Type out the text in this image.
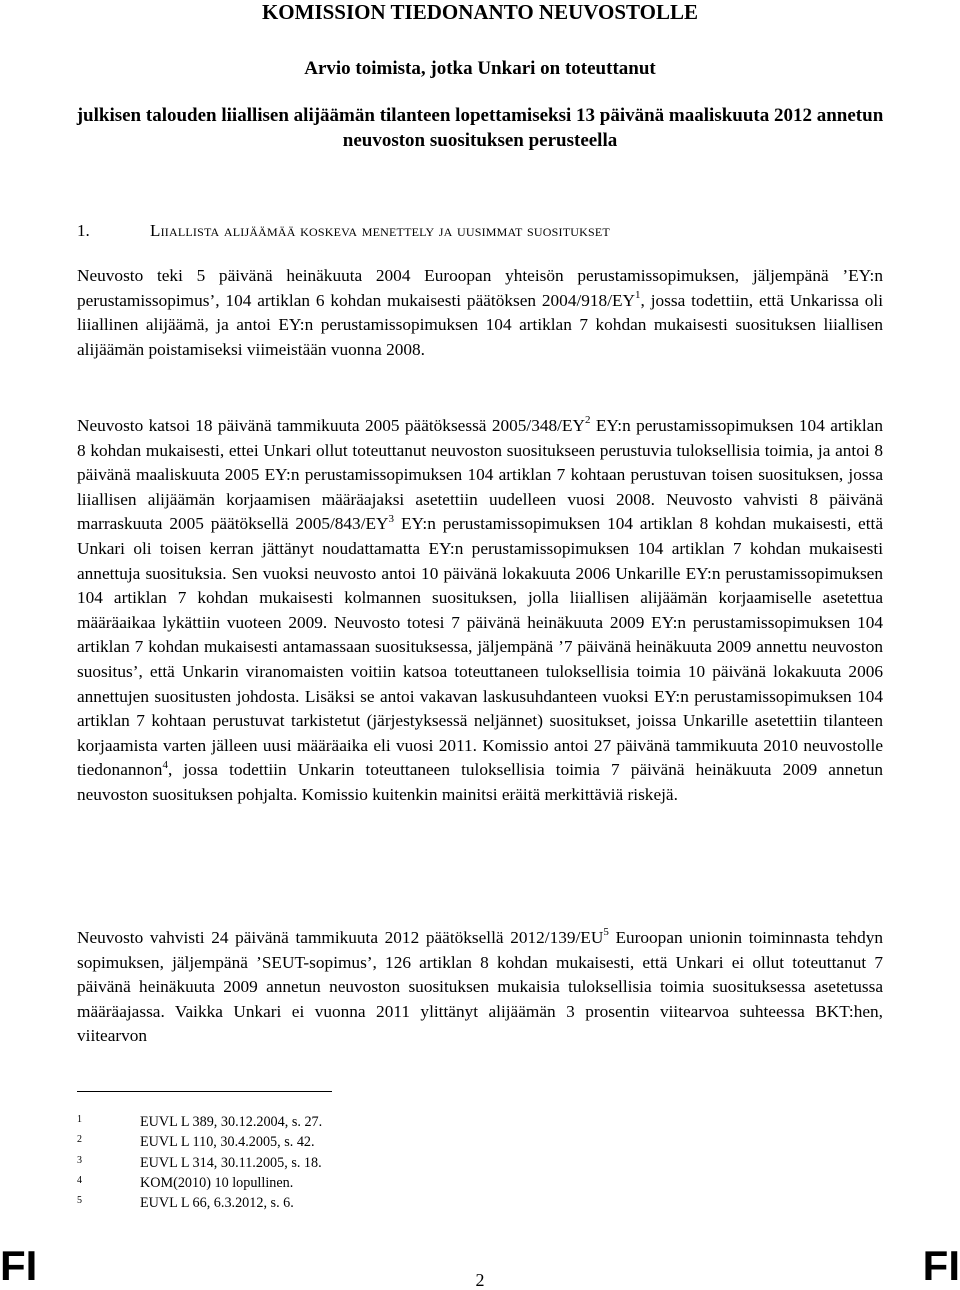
KOMISSION TIEDONANTO NEUVOSTOLLE
Arvio toimista, jotka Unkari on toteuttanut
julkisen talouden liiallisen alijäämän tilanteen lopettamiseksi 13 päivänä maaliskuuta 2012 annetun neuvoston suosituksen perusteella
1.	Liiallista alijäämää koskeva menettely ja uusimmat suositukset
Neuvosto teki 5 päivänä heinäkuuta 2004 Euroopan yhteisön perustamissopimuksen, jäljempänä ’EY:n perustamissopimus’, 104 artiklan 6 kohdan mukaisesti päätöksen $2004/918/EY^1$, jossa todettiin, että Unkarissa oli liiallinen alijäämä, ja antoi EY:n perustamissopimuksen 104 artiklan 7 kohdan mukaisesti suosituksen liiallisen alijäämän poistamiseksi viimeistään vuonna 2008.
Neuvosto katsoi 18 päivänä tammikuuta 2005 päätöksessä $2005/348/EY^2$ EY:n perustamissopimuksen 104 artiklan 8 kohdan mukaisesti, ettei Unkari ollut toteuttanut neuvoston suositukseen perustuvia tuloksellisia toimia, ja antoi 8 päivänä maaliskuuta 2005 EY:n perustamissopimuksen 104 artiklan 7 kohtaan perustuvan toisen suosituksen, jossa liiallisen alijäämän korjaamisen määräajaksi asetettiin uudelleen vuosi 2008. Neuvosto vahvisti 8 päivänä marraskuuta 2005 päätöksellä $2005/843/EY^3$ EY:n perustamissopimuksen 104 artiklan 8 kohdan mukaisesti, että Unkari oli toisen kerran jättänyt noudattamatta EY:n perustamissopimuksen 104 artiklan 7 kohdan mukaisesti annettuja suosituksia. Sen vuoksi neuvosto antoi 10 päivänä lokakuuta 2006 Unkarille EY:n perustamissopimuksen 104 artiklan 7 kohdan mukaisesti kolmannen suosituksen, jolla liiallisen alijäämän korjaamiselle asetettua määräaikaa lykättiin vuoteen 2009. Neuvosto totesi 7 päivänä heinäkuuta 2009 EY:n perustamissopimuksen 104 artiklan 7 kohdan mukaisesti antamassaan suosituksessa, jäljempänä ’7 päivänä heinäkuuta 2009 annettu neuvoston suositus’, että Unkarin viranomaisten voitiin katsoa toteuttaneen tuloksellisia toimia 10 päivänä lokakuuta 2006 annettujen suositusten johdosta. Lisäksi se antoi vakavan laskusuhdanteen vuoksi EY:n perustamissopimuksen 104 artiklan 7 kohtaan perustuvat tarkistetut (järjestyksessä neljännet) suositukset, joissa Unkarille asetettiin tilanteen korjaamista varten jälleen uusi määräaika eli vuosi 2011. Komissio antoi 27 päivänä tammikuuta 2010 neuvostolle tiedonannon$^4$, jossa todettiin Unkarin toteuttaneen tuloksellisia toimia 7 päivänä heinäkuuta 2009 annetun neuvoston suosituksen pohjalta. Komissio kuitenkin mainitsi eräitä merkittäviä riskejä.
Neuvosto vahvisti 24 päivänä tammikuuta 2012 päätöksellä $2012/139/EU^5$ Euroopan unionin toiminnasta tehdyn sopimuksen, jäljempänä ’SEUT-sopimus’, 126 artiklan 8 kohdan mukaisesti, että Unkari ei ollut toteuttanut 7 päivänä heinäkuuta 2009 annetun neuvoston suosituksen mukaisia tuloksellisia toimia suosituksessa asetetussa määräajassa. Vaikka Unkari ei vuonna 2011 ylittänyt alijäämän 3 prosentin viitearvoa suhteessa BKT:hen, viitearvon
1	EUVL L 389, 30.12.2004, s. 27.
2	EUVL L 110, 30.4.2005, s. 42.
3	EUVL L 314, 30.11.2005, s. 18.
4	KOM(2010) 10 lopullinen.
5	EUVL L 66, 6.3.2012, s. 6.
FI	2	FI
